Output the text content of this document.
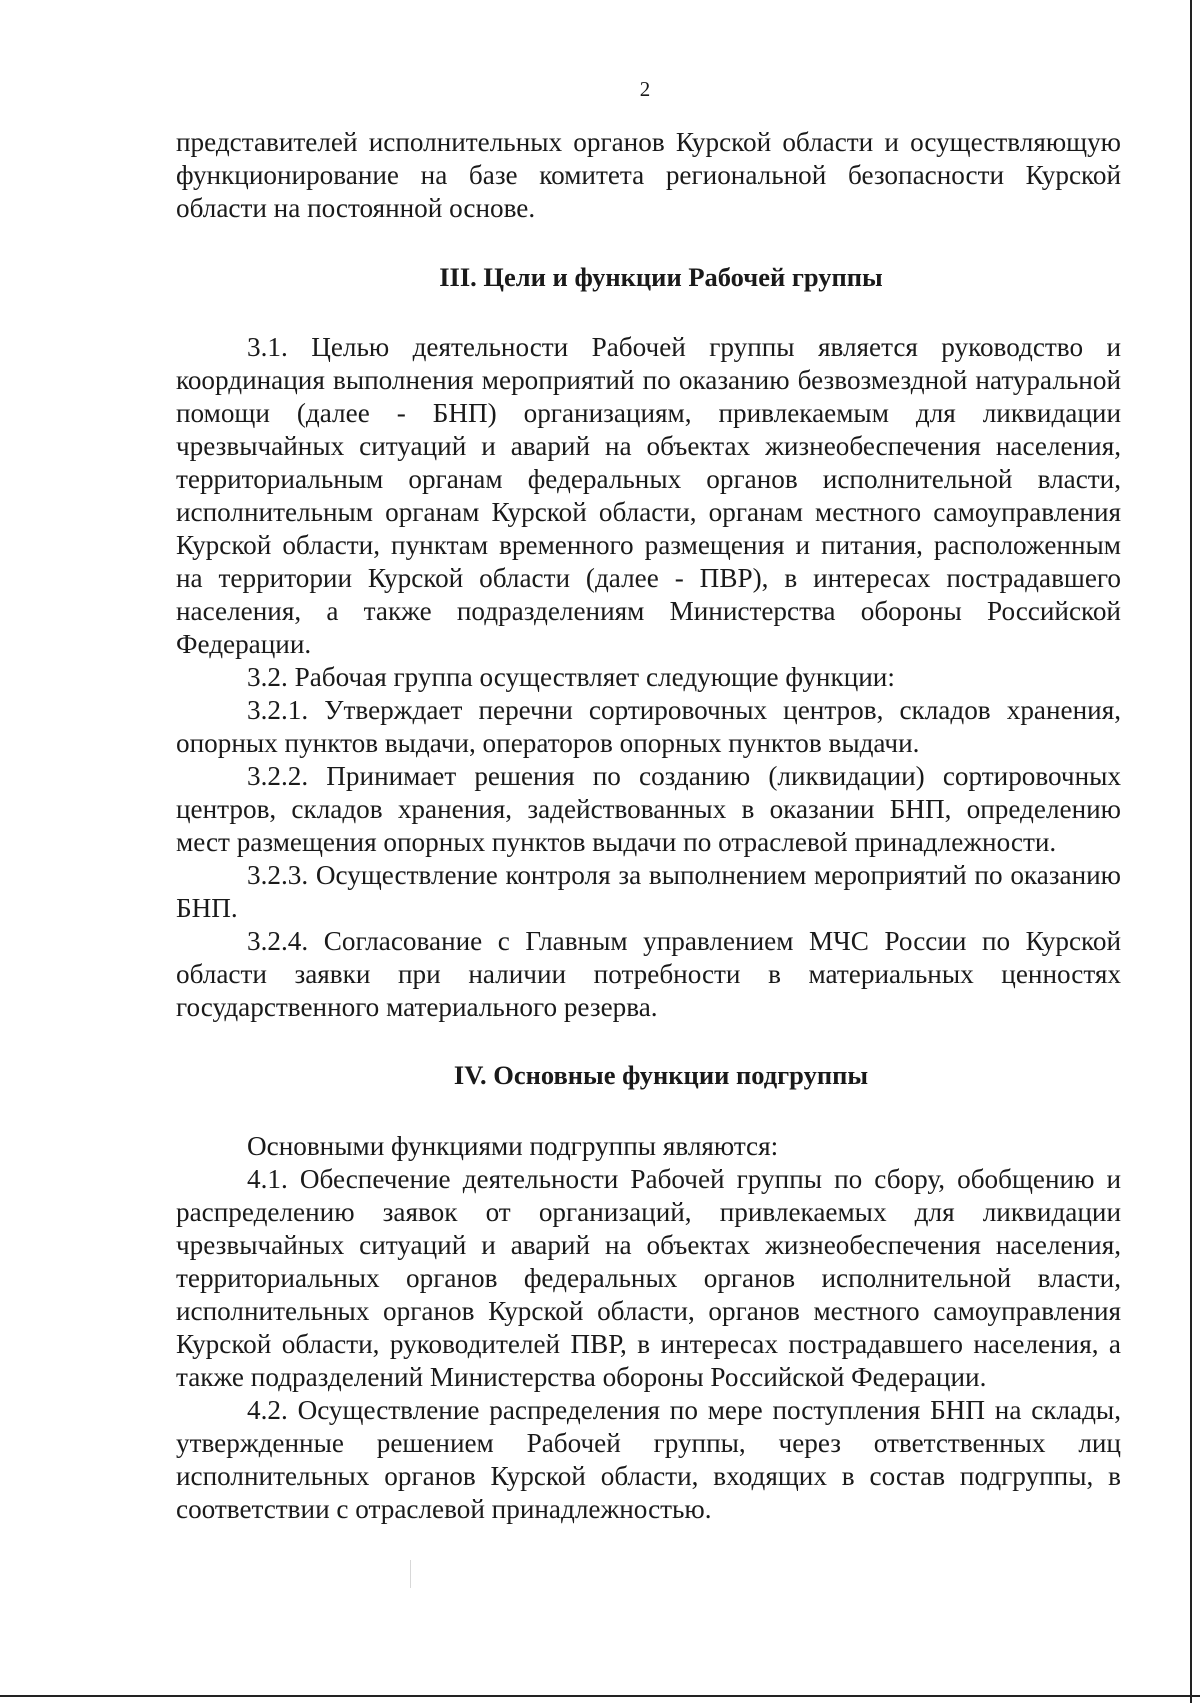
2

представителей исполнительных органов Курской области и осуществляющую функционирование на базе комитета региональной безопасности Курской области на постоянной основе.

III. Цели и функции Рабочей группы

3.1. Целью деятельности Рабочей группы является руководство и координация выполнения мероприятий по оказанию безвозмездной натуральной помощи (далее - БНП) организациям, привлекаемым для ликвидации чрезвычайных ситуаций и аварий на объектах жизнеобеспечения населения, территориальным органам федеральных органов исполнительной власти, исполнительным органам Курской области, органам местного самоуправления Курской области, пунктам временного размещения и питания, расположенным на территории Курской области (далее - ПВР), в интересах пострадавшего населения, а также подразделениям Министерства обороны Российской Федерации.

3.2. Рабочая группа осуществляет следующие функции:

3.2.1. Утверждает перечни сортировочных центров, складов хранения, опорных пунктов выдачи, операторов опорных пунктов выдачи.

3.2.2. Принимает решения по созданию (ликвидации) сортировочных центров, складов хранения, задействованных в оказании БНП, определению мест размещения опорных пунктов выдачи по отраслевой принадлежности.

3.2.3. Осуществление контроля за выполнением мероприятий по оказанию БНП.

3.2.4. Согласование с Главным управлением МЧС России по Курской области заявки при наличии потребности в материальных ценностях государственного материального резерва.

IV. Основные функции подгруппы

Основными функциями подгруппы являются:

4.1. Обеспечение деятельности Рабочей группы по сбору, обобщению и распределению заявок от организаций, привлекаемых для ликвидации чрезвычайных ситуаций и аварий на объектах жизнеобеспечения населения, территориальных органов федеральных органов исполнительной власти, исполнительных органов Курской области, органов местного самоуправления Курской области, руководителей ПВР, в интересах пострадавшего населения, а также подразделений Министерства обороны Российской Федерации.

4.2. Осуществление распределения по мере поступления БНП на склады, утвержденные решением Рабочей группы, через ответственных лиц исполнительных органов Курской области, входящих в состав подгруппы, в соответствии с отраслевой принадлежностью.
